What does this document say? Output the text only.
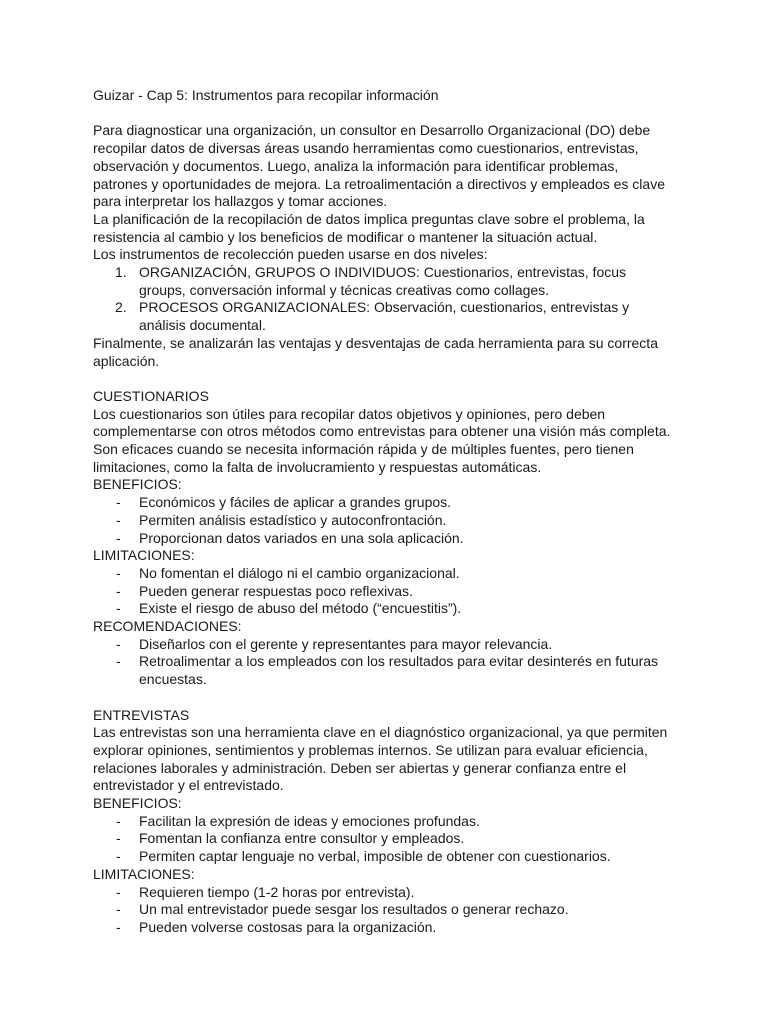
Guizar - Cap 5: Instrumentos para recopilar información

Para diagnosticar una organización, un consultor en Desarrollo Organizacional (DO) debe recopilar datos de diversas áreas usando herramientas como cuestionarios, entrevistas, observación y documentos. Luego, analiza la información para identificar problemas, patrones y oportunidades de mejora. La retroalimentación a directivos y empleados es clave para interpretar los hallazgos y tomar acciones.

La planificación de la recopilación de datos implica preguntas clave sobre el problema, la resistencia al cambio y los beneficios de modificar o mantener la situación actual.

Los instrumentos de recolección pueden usarse en dos niveles:

1. ORGANIZACIÓN, GRUPOS O INDIVIDUOS: Cuestionarios, entrevistas, focus groups, conversación informal y técnicas creativas como collages.
2. PROCESOS ORGANIZACIONALES: Observación, cuestionarios, entrevistas y análisis documental.

Finalmente, se analizarán las ventajas y desventajas de cada herramienta para su correcta aplicación.

CUESTIONARIOS

Los cuestionarios son útiles para recopilar datos objetivos y opiniones, pero deben complementarse con otros métodos como entrevistas para obtener una visión más completa. Son eficaces cuando se necesita información rápida y de múltiples fuentes, pero tienen limitaciones, como la falta de involucramiento y respuestas automáticas.

BENEFICIOS:

- Económicos y fáciles de aplicar a grandes grupos.
- Permiten análisis estadístico y autoconfrontación.
- Proporcionan datos variados en una sola aplicación.

LIMITACIONES:

- No fomentan el diálogo ni el cambio organizacional.
- Pueden generar respuestas poco reflexivas.
- Existe el riesgo de abuso del método (“encuestitis”).

RECOMENDACIONES:

- Diseñarlos con el gerente y representantes para mayor relevancia.
- Retroalimentar a los empleados con los resultados para evitar desinterés en futuras encuestas.

ENTREVISTAS

Las entrevistas son una herramienta clave en el diagnóstico organizacional, ya que permiten explorar opiniones, sentimientos y problemas internos. Se utilizan para evaluar eficiencia, relaciones laborales y administración. Deben ser abiertas y generar confianza entre el entrevistador y el entrevistado.

BENEFICIOS:

- Facilitan la expresión de ideas y emociones profundas.
- Fomentan la confianza entre consultor y empleados.
- Permiten captar lenguaje no verbal, imposible de obtener con cuestionarios.

LIMITACIONES:

- Requieren tiempo (1-2 horas por entrevista).
- Un mal entrevistador puede sesgar los resultados o generar rechazo.
- Pueden volverse costosas para la organización.
